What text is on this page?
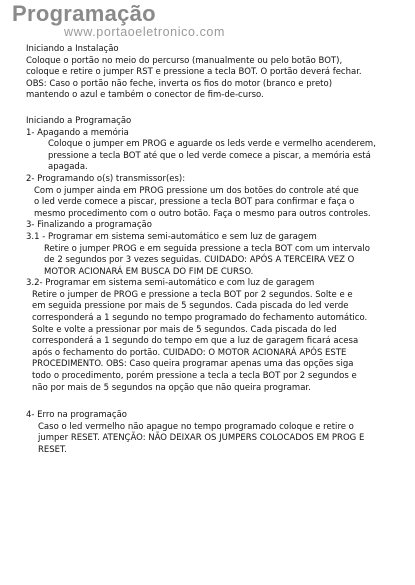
Programação
www.portaoeletronico.com
Iniciando a Instalação
Coloque o portão no meio do percurso (manualmente ou pelo botão BOT),
coloque e retire o jumper RST e pressione a tecla BOT. O portão deverá fechar.
OBS: Caso o portão não feche, inverta os fios do motor (branco e preto)
mantendo o azul e também o conector de fim-de-curso.
Iniciando a Programação
1- Apagando a memória
Coloque o jumper em PROG e aguarde os leds verde e vermelho acenderem,
pressione a tecla BOT até que o led verde comece a piscar, a memória está
apagada.
2- Programando o(s) transmissor(es):
Com o jumper ainda em PROG pressione um dos botões do controle até que
o led verde comece a piscar, pressione a tecla BOT para confirmar e faça o
mesmo procedimento com o outro botão. Faça o mesmo para outros controles.
3- Finalizando a programação
3.1 - Programar em sistema semi-automático e sem luz de garagem
Retire o jumper PROG e em seguida pressione a tecla BOT com um intervalo
de 2 segundos por 3 vezes seguidas. CUIDADO: APÓS A TERCEIRA VEZ O
MOTOR ACIONARÁ EM BUSCA DO FIM DE CURSO.
3.2- Programar em sistema semi-automático e com luz de garagem
Retire o jumper de PROG e pressione a tecla BOT por 2 segundos. Solte e e
em seguida pressione por mais de 5 segundos. Cada piscada do led verde
corresponderá a 1 segundo no tempo programado do fechamento automático.
Solte e volte a pressionar por mais de 5 segundos. Cada piscada do led
corresponderá a 1 segundo do tempo em que a luz de garagem ficará acesa
após o fechamento do portão. CUIDADO: O MOTOR ACIONARÁ APÓS ESTE
PROCEDIMENTO. OBS: Caso queira programar apenas uma das opções siga
todo o procedimento, porém pressione a tecla a tecla BOT por 2 segundos e
não por mais de 5 segundos na opção que não queira programar.
4- Erro na programação
Caso o led vermelho não apague no tempo programado coloque e retire o
jumper RESET. ATENÇÃO: NÃO DEIXAR OS JUMPERS COLOCADOS EM PROG E
RESET.
